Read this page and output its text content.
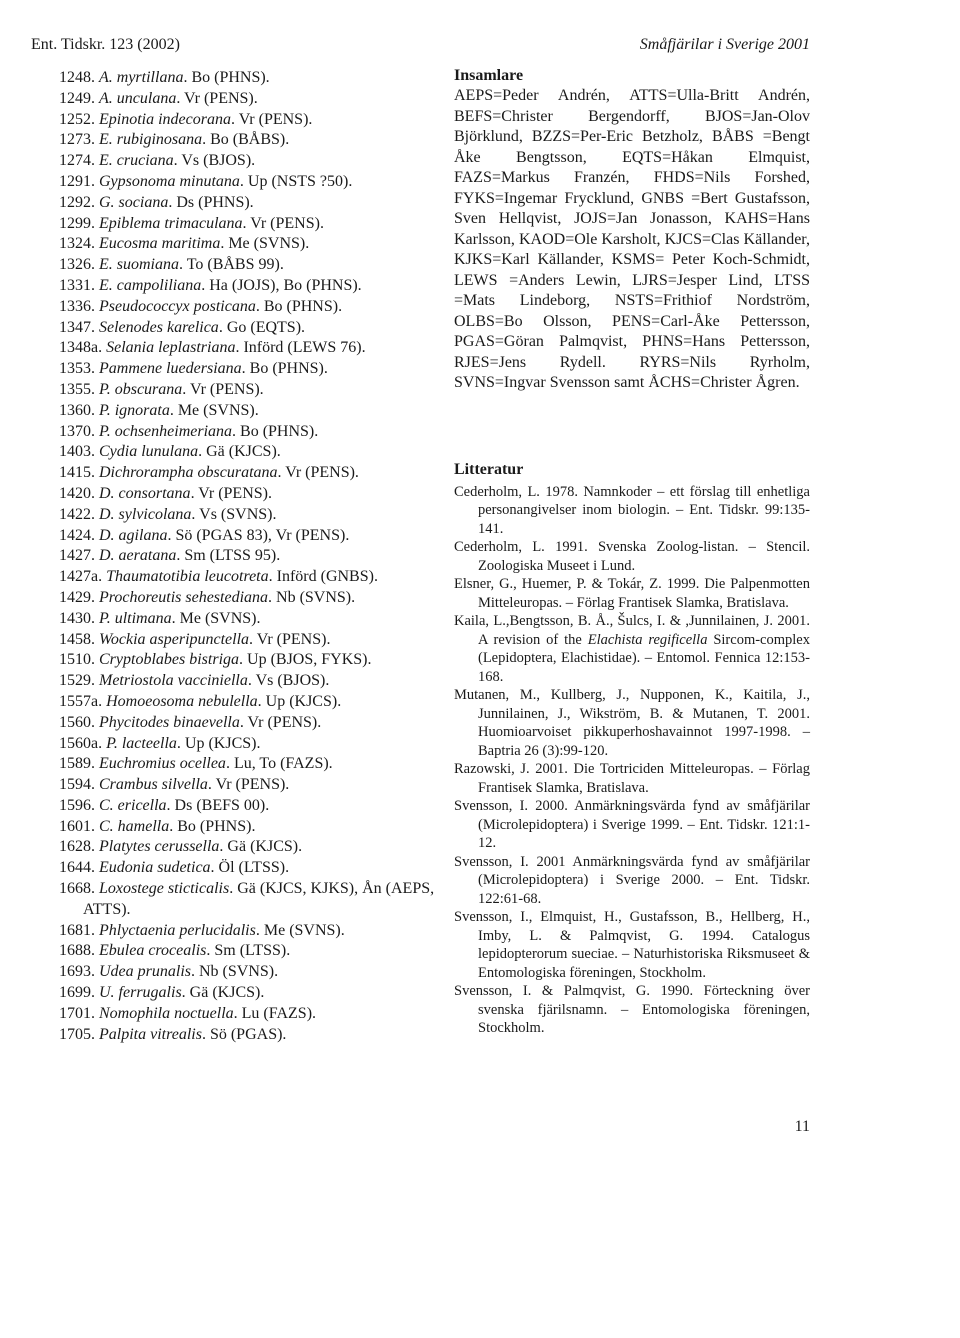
Ent. Tidskr. 123 (2002)	Småfjärilar i Sverige 2001
1248. A. myrtillana. Bo (PHNS).
1249. A. unculana. Vr (PENS).
1252. Epinotia indecorana. Vr (PENS).
1273. E. rubiginosana. Bo (BÅBS).
1274. E. cruciana. Vs (BJOS).
1291. Gypsonoma minutana. Up (NSTS ?50).
1292. G. sociana. Ds (PHNS).
1299. Epiblema trimaculana. Vr (PENS).
1324. Eucosma maritima. Me (SVNS).
1326. E. suomiana. To (BÅBS 99).
1331. E. campoliliana. Ha (JOJS), Bo (PHNS).
1336. Pseudococcyx posticana. Bo (PHNS).
1347. Selenodes karelica. Go (EQTS).
1348a. Selania leplastriana. Införd (LEWS 76).
1353. Pammene luedersiana. Bo (PHNS).
1355. P. obscurana. Vr (PENS).
1360. P. ignorata. Me (SVNS).
1370. P. ochsenheimeriana. Bo (PHNS).
1403. Cydia lunulana. Gä (KJCS).
1415. Dichrorampha obscuratana. Vr (PENS).
1420. D. consortana. Vr (PENS).
1422. D. sylvicolana. Vs (SVNS).
1424. D. agilana. Sö (PGAS 83), Vr (PENS).
1427. D. aeratana. Sm (LTSS 95).
1427a. Thaumatotibia leucotreta. Införd (GNBS).
1429. Prochoreutis sehestediana. Nb (SVNS).
1430. P. ultimana. Me (SVNS).
1458. Wockia asperipunctella. Vr (PENS).
1510. Cryptoblabes bistriga. Up (BJOS, FYKS).
1529. Metriostola vacciniella. Vs (BJOS).
1557a. Homoeosoma nebulella. Up (KJCS).
1560. Phycitodes binaevella. Vr (PENS).
1560a. P. lacteella. Up (KJCS).
1589. Euchromius ocellea. Lu, To (FAZS).
1594. Crambus silvella. Vr (PENS).
1596. C. ericella. Ds (BEFS 00).
1601. C. hamella. Bo (PHNS).
1628. Platytes cerussella. Gä (KJCS).
1644. Eudonia sudetica. Öl (LTSS).
1668. Loxostege sticticalis. Gä (KJCS, KJKS), Ån (AEPS, ATTS).
1681. Phlyctaenia perlucidalis. Me (SVNS).
1688. Ebulea crocealis. Sm (LTSS).
1693. Udea prunalis. Nb (SVNS).
1699. U. ferrugalis. Gä (KJCS).
1701. Nomophila noctuella. Lu (FAZS).
1705. Palpita vitrealis. Sö (PGAS).
Insamlare
AEPS=Peder Andrén, ATTS=Ulla-Britt Andrén, BEFS=Christer Bergendorff, BJOS=Jan-Olov Björklund, BZZS=Per-Eric Betzholz, BÅBS =Bengt Åke Bengtsson, EQTS=Håkan Elmquist, FAZS=Markus Franzén, FHDS=Nils Forshed, FYKS=Ingemar Frycklund, GNBS =Bert Gustafsson, Sven Hellqvist, JOJS=Jan Jonasson, KAHS=Hans Karlsson, KAOD=Ole Karsholt, KJCS=Clas Källander, KJKS=Karl Källander, KSMS= Peter Koch-Schmidt, LEWS =Anders Lewin, LJRS=Jesper Lind, LTSS =Mats Lindeborg, NSTS=Frithiof Nordström, OLBS=Bo Olsson, PENS=Carl-Åke Pettersson, PGAS=Göran Palmqvist, PHNS=Hans Pettersson, RJES=Jens Rydell. RYRS=Nils Ryrholm, SVNS=Ingvar Svensson samt ÅCHS=Christer Ågren.
Litteratur
Cederholm, L. 1978. Namnkoder – ett förslag till enhetliga personangivelser inom biologin. – Ent. Tidskr. 99:135-141.
Cederholm, L. 1991. Svenska Zoolog-listan. – Stencil. Zoologiska Museet i Lund.
Elsner, G., Huemer, P. & Tokár, Z. 1999. Die Palpenmotten Mitteleuropas. – Förlag Frantisek Slamka, Bratislava.
Kaila, L.,Bengtsson, B. Å., Šulcs, I. & ,Junnilainen, J. 2001. A revision of the Elachista regificella Sircom-complex (Lepidoptera, Elachistidae). – Entomol. Fennica 12:153-168.
Mutanen, M., Kullberg, J., Nupponen, K., Kaitila, J., Junnilainen, J., Wikström, B. & Mutanen, T. 2001. Huomioarvoiset pikkuperhoshavainnot 1997-1998. – Baptria 26 (3):99-120.
Razowski, J. 2001. Die Tortriciden Mitteleuropas. – Förlag Frantisek Slamka, Bratislava.
Svensson, I. 2000. Anmärkningsvärda fynd av småfjärilar (Microlepidoptera) i Sverige 1999. – Ent. Tidskr. 121:1-12.
Svensson, I. 2001 Anmärkningsvärda fynd av småfjärilar (Microlepidoptera) i Sverige 2000. – Ent. Tidskr. 122:61-68.
Svensson, I., Elmquist, H., Gustafsson, B., Hellberg, H., Imby, L. & Palmqvist, G. 1994. Catalogus lepidopterorum sueciae. – Naturhistoriska Riksmuseet & Entomologiska föreningen, Stockholm.
Svensson, I. & Palmqvist, G. 1990. Förteckning över svenska fjärilsnamn. – Entomologiska föreningen, Stockholm.
11
